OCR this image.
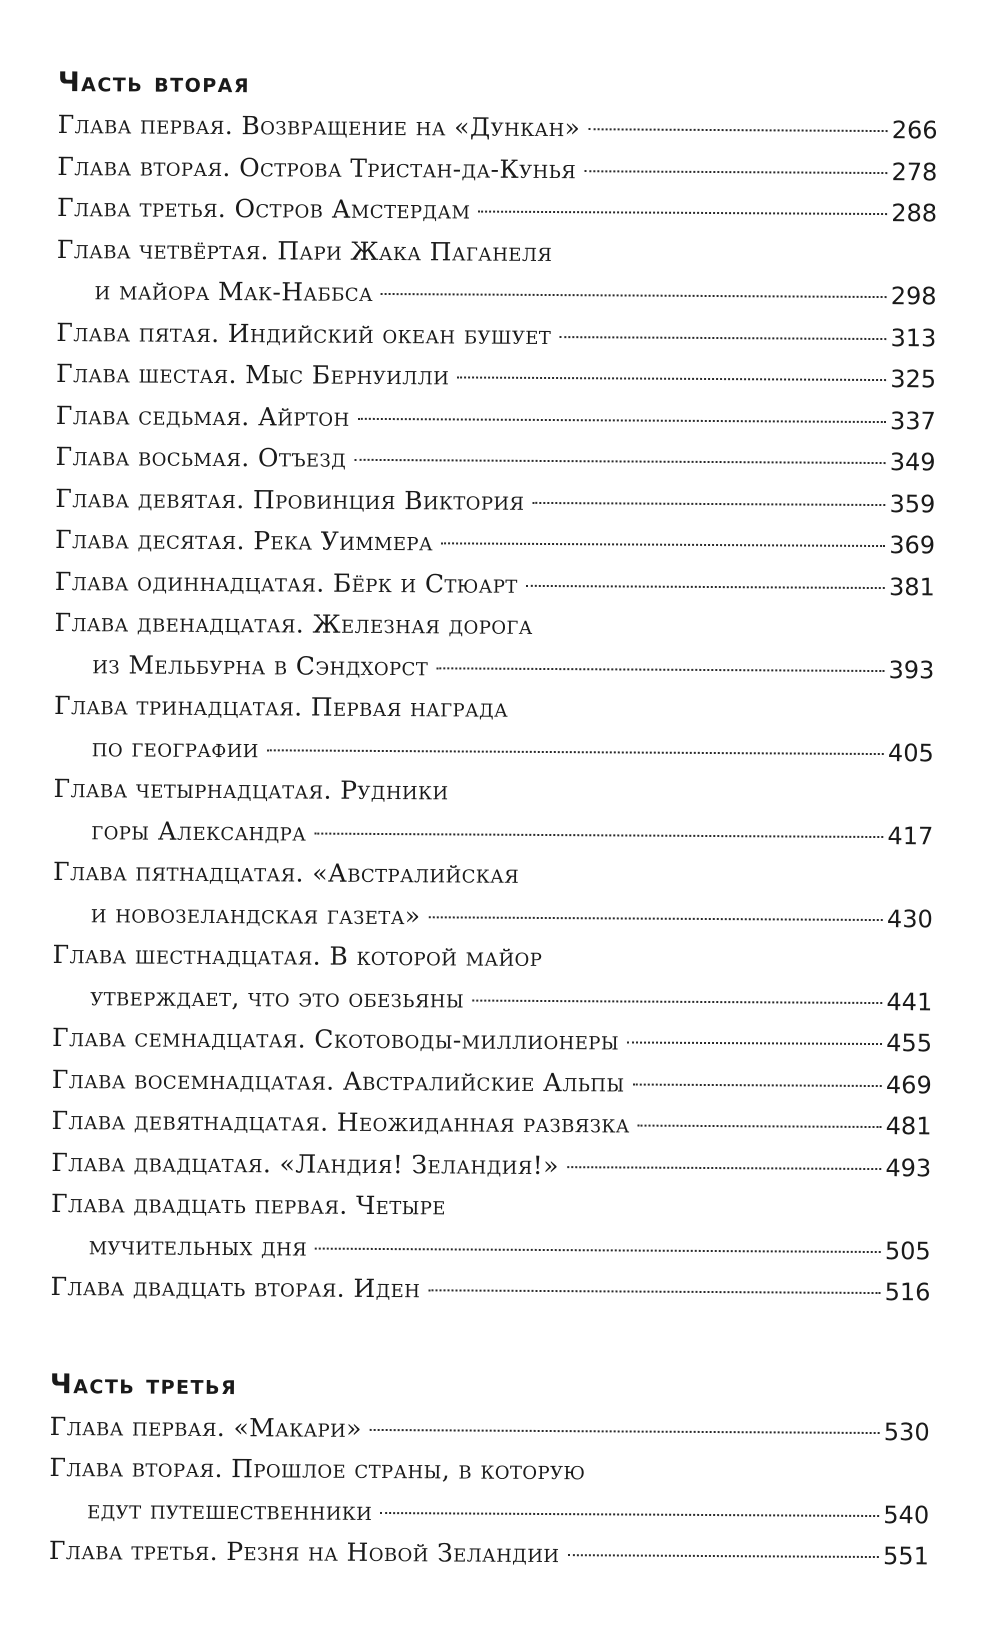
Часть вторая
Глава первая. Возвращение на «Дункан»	266
Глава вторая. Острова Тристан-да-Кунья	278
Глава третья. Остров Амстердам	288
Глава четвёртая. Пари Жака Паганеля
и майора Мак-Наббса	298
Глава пятая. Индийский океан бушует	313
Глава шестая. Мыс Бернуилли	325
Глава седьмая. Айртон	337
Глава восьмая. Отъезд	349
Глава девятая. Провинция Виктория	359
Глава десятая. Река Уиммера	369
Глава одиннадцатая. Бёрк и Стюарт	381
Глава двенадцатая. Железная дорога
из Мельбурна в Сэндхорст	393
Глава тринадцатая. Первая награда
по географии	405
Глава четырнадцатая. Рудники
горы Александра	417
Глава пятнадцатая. «Австралийская
и новозеландская газета»	430
Глава шестнадцатая. В которой майор
утверждает, что это обезьяны	441
Глава семнадцатая. Скотоводы-миллионеры	455
Глава восемнадцатая. Австралийские Альпы	469
Глава девятнадцатая. Неожиданная развязка	481
Глава двадцатая. «Ландия! Зеландия!»	493
Глава двадцать первая. Четыре
мучительных дня	505
Глава двадцать вторая. Иден	516
Часть третья
Глава первая. «Макари»	530
Глава вторая. Прошлое страны, в которую
едут путешественники	540
Глава третья. Резня на Новой Зеландии	551
